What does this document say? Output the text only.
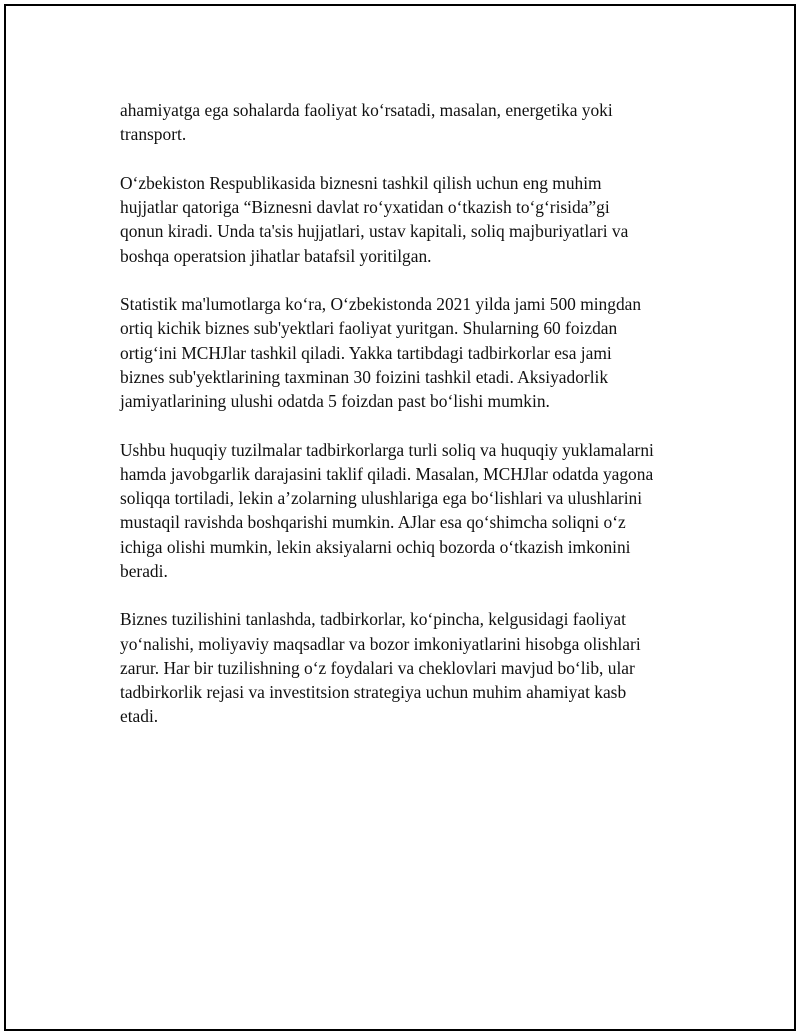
ahamiyatga ega sohalarda faoliyat ko‘rsatadi, masalan, energetika yoki
transport.

O‘zbekiston Respublikasida biznesni tashkil qilish uchun eng muhim
hujjatlar qatoriga “Biznesni davlat ro‘yxatidan o‘tkazish to‘g‘risida”gi
qonun kiradi. Unda ta'sis hujjatlari, ustav kapitali, soliq majburiyatlari va
boshqa operatsion jihatlar batafsil yoritilgan.

Statistik ma'lumotlarga ko‘ra, O‘zbekistonda 2021 yilda jami 500 mingdan
ortiq kichik biznes sub'yektlari faoliyat yuritgan. Shularning 60 foizdan
ortig‘ini MCHJlar tashkil qiladi. Yakka tartibdagi tadbirkorlar esa jami
biznes sub'yektlarining taxminan 30 foizini tashkil etadi. Aksiyadorlik
jamiyatlarining ulushi odatda 5 foizdan past bo‘lishi mumkin.

Ushbu huquqiy tuzilmalar tadbirkorlarga turli soliq va huquqiy yuklamalarni
hamda javobgarlik darajasini taklif qiladi. Masalan, MCHJlar odatda yagona
soliqqa tortiladi, lekin a’zolarning ulushlariga ega bo‘lishlari va ulushlarini
mustaqil ravishda boshqarishi mumkin. AJlar esa qo‘shimcha soliqni o‘z
ichiga olishi mumkin, lekin aksiyalarni ochiq bozorda o‘tkazish imkonini
beradi.

Biznes tuzilishini tanlashda, tadbirkorlar, ko‘pincha, kelgusidagi faoliyat
yo‘nalishi, moliyaviy maqsadlar va bozor imkoniyatlarini hisobga olishlari
zarur. Har bir tuzilishning o‘z foydalari va cheklovlari mavjud bo‘lib, ular
tadbirkorlik rejasi va investitsion strategiya uchun muhim ahamiyat kasb
etadi.
